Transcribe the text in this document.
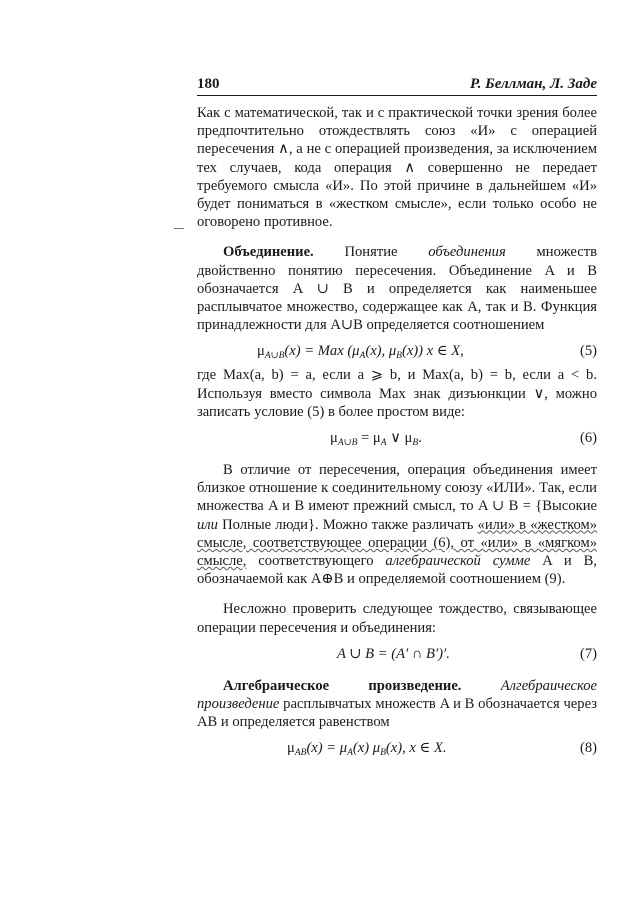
180	Р. Беллман, Л. Заде

Как с математической, так и с практической точки зрения более предпочтительно отождествлять союз «И» с операцией пересечения ∧, а не с операцией произведения, за исключением тех случаев, кода операция ∧ совершенно не передает требуемого смысла «И». По этой причине в дальнейшем «И» будет пониматься в «жестком смысле», если только особо не оговорено противное.

Объединение. Понятие объединения множеств двойственно понятию пересечения. Объединение A и B обозначается A ∪ B и определяется как наименьшее расплывчатое множество, содержащее как A, так и B. Функция принадлежности для A∪B определяется соотношением

$\mu_{A\cup B}(x)$ = Max ($\mu_A(x)$, $\mu_B(x)$) x ∈ X,	(5)

где Max(a, b) = a, если a ⩾ b, и Max(a, b) = b, если a < b. Используя вместо символа Max знак дизъюнкции ∨, можно записать условие (5) в более простом виде:

$\mu_{A\cup B} = \mu_A$ ∨ $\mu_B$.	(6)

В отличие от пересечения, операция объединения имеет близкое отношение к соединительному союзу «ИЛИ». Так, если множества A и B имеют прежний смысл, то A ∪ B = {Высокие или Полные люди}. Можно также различать «или» в «жестком» смысле, соответствующее операции (6), от «или» в «мягком» смысле, соответствующего алгебраической сумме A и B, обозначаемой как A⊕B и определяемой соотношением (9).

Несложно проверить следующее тождество, связывающее операции пересечения и объединения:

A ∪ B = (A′ ∩ B′)′.	(7)

Алгебраическое произведение. Алгебраическое произведение расплывчатых множеств A и B обозначается через AB и определяется равенством

$\mu_{AB}(x) = \mu_A(x)$ $\mu_B(x)$, x ∈ X.	(8)
